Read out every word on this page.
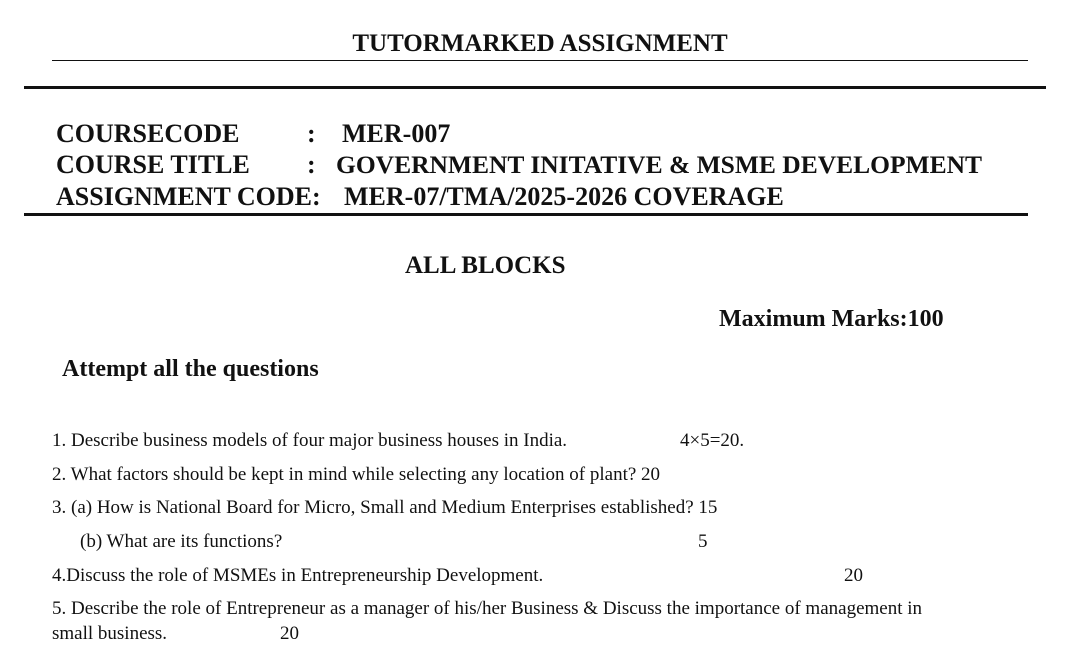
TUTORMARKED ASSIGNMENT
COURSECODE	: MER-007
COURSE TITLE : GOVERNMENT INITATIVE & MSME DEVELOPMENT
ASSIGNMENT CODE: MER-07/TMA/2025-2026 COVERAGE
ALL BLOCKS
Maximum Marks:100
Attempt all the questions
1. Describe business models of four major business houses in India.	4×5=20.
2. What factors should be kept in mind while selecting any location of plant? 20
3. (a) How is National Board for Micro, Small and Medium Enterprises established? 15
(b) What are its functions?	5
4.Discuss the role of MSMEs in Entrepreneurship Development.	20
5. Describe the role of Entrepreneur as a manager of his/her Business & Discuss the importance of management in
small business.	20
